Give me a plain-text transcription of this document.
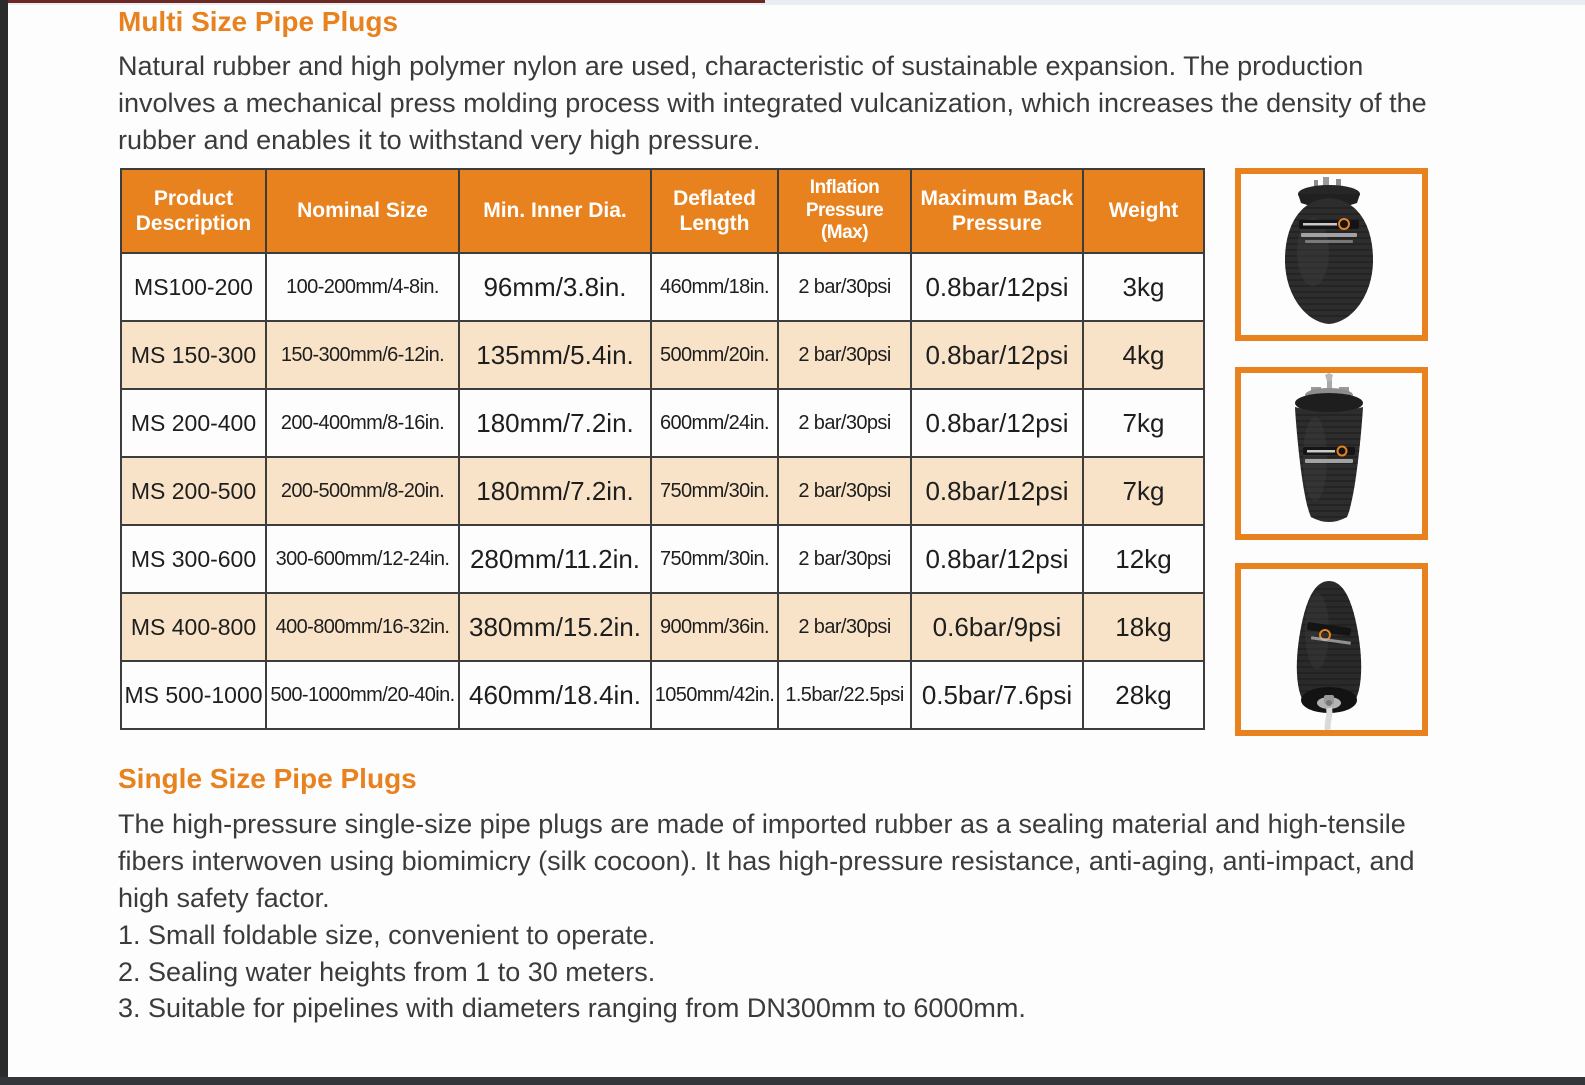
Multi Size Pipe Plugs

Natural rubber and high polymer nylon are used, characteristic of sustainable expansion. The production involves a mechanical press molding process with integrated vulcanization, which increases the density of the rubber and enables it to withstand very high pressure.

Product Description	Nominal Size	Min. Inner Dia.	Deflated Length	Inflation Pressure (Max)	Maximum Back Pressure	Weight
MS100-200	100-200mm/4-8in.	96mm/3.8in.	460mm/18in.	2 bar/30psi	0.8bar/12psi	3kg
MS 150-300	150-300mm/6-12in.	135mm/5.4in.	500mm/20in.	2 bar/30psi	0.8bar/12psi	4kg
MS 200-400	200-400mm/8-16in.	180mm/7.2in.	600mm/24in.	2 bar/30psi	0.8bar/12psi	7kg
MS 200-500	200-500mm/8-20in.	180mm/7.2in.	750mm/30in.	2 bar/30psi	0.8bar/12psi	7kg
MS 300-600	300-600mm/12-24in.	280mm/11.2in.	750mm/30in.	2 bar/30psi	0.8bar/12psi	12kg
MS 400-800	400-800mm/16-32in.	380mm/15.2in.	900mm/36in.	2 bar/30psi	0.6bar/9psi	18kg
MS 500-1000	500-1000mm/20-40in.	460mm/18.4in.	1050mm/42in.	1.5bar/22.5psi	0.5bar/7.6psi	28kg
Single Size Pipe Plugs

The high-pressure single-size pipe plugs are made of imported rubber as a sealing material and high-tensile fibers interwoven using biomimicry (silk cocoon). It has high-pressure resistance, anti-aging, anti-impact, and high safety factor.

1. Small foldable size, convenient to operate.
2. Sealing water heights from 1 to 30 meters.
3. Suitable for pipelines with diameters ranging from DN300mm to 6000mm.
